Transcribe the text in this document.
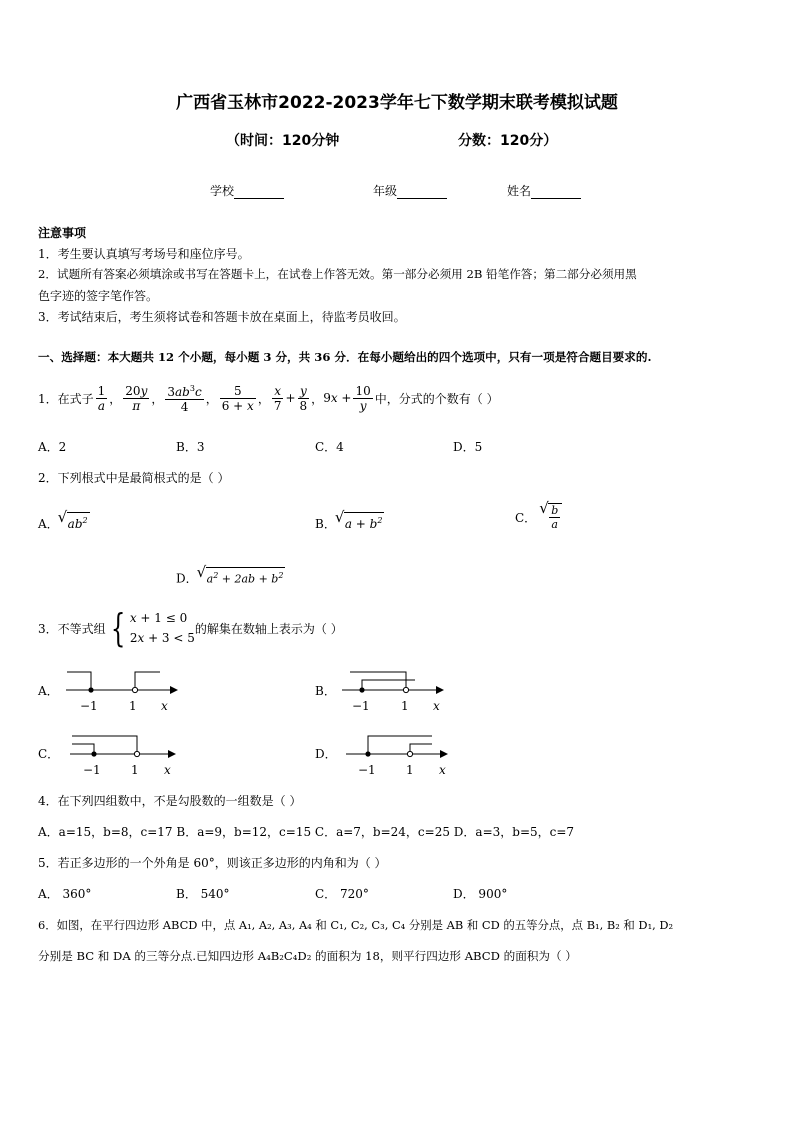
广西省玉林市2022-2023学年七下数学期末联考模拟试题
（时间：120分钟	分数：120分）
学校	年级	姓名
注意事项
1．考生要认真填写考场号和座位序号。
2．试题所有答案必须填涂或书写在答题卡上，在试卷上作答无效。第一部分必须用 2B 铅笔作答；第二部分必须用黑
色字迹的签字笔作答。
3．考试结束后，考生须将试卷和答题卡放在桌面上，待监考员收回。
一、选择题：本大题共 12 个小题，每小题 3 分，共 36 分．在每小题给出的四个选项中，只有一项是符合题目要求的.
1．在式子 $\frac{1}{a}$ ， $\frac{20y}{\pi}$ ， $\frac{3ab^3c}{4}$ ， $\frac{5}{6 + x}$ ， $\frac{x}{7} + \frac{y}{8}$ ， $9x + \frac{10}{y}$ 中，分式的个数有（ ）
A．2	B．3	C．4	D．5
2．下列根式中是最简根式的是（ ）
A． √ $ab^2$	B． √ $a + b^2$	C． √ $\frac{b}{a}$
D． √ $a^2 + 2ab + b^2$
3．不等式组 { x + 1 ≤ 0
2x + 3 < 5
的解集在数轴上表示为（ ）
A．
−1	1 x
B．
−1	1 x
C．
−1	1 x
D．
−1	1 x
4．在下列四组数中，不是勾股数的一组数是（ ）
A．a=15，b=8，c=17 B．a=9，b=12，c=15 C．a=7，b=24，c=25 D．a=3，b=5，c=7
5．若正多边形的一个外角是 60°，则该正多边形的内角和为（ ）
A． 360°	B． 540°	C． 720°	D． 900°
6．如图，在平行四边形 ABCD 中，点 A₁, A₂, A₃, A₄ 和 C₁, C₂, C₃, C₄ 分别是 AB 和 CD 的五等分点，点 B₁, B₂ 和 D₁, D₂
分别是 BC 和 DA 的三等分点.已知四边形 A₄B₂C₄D₂ 的面积为 18，则平行四边形 ABCD 的面积为（ ）
